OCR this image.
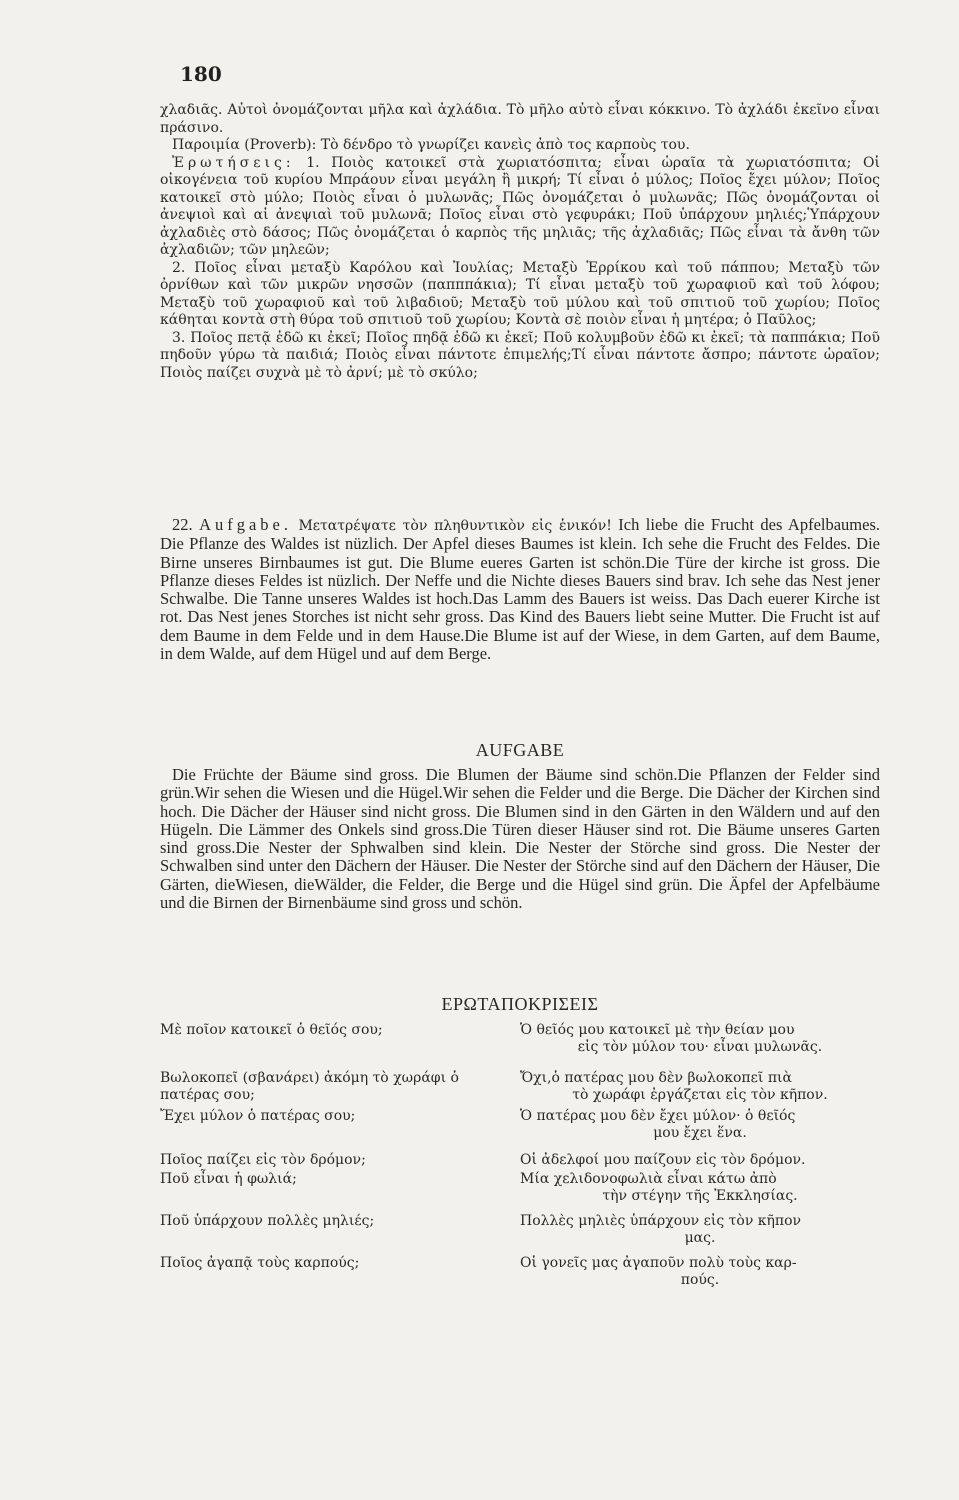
180

χλαδιᾶς. Αὐτοὶ ὀνομάζονται μῆλα καὶ ἀχλάδια. Τὸ μῆλο αὐτὸ εἶναι κόκκινο. Τὸ ἀχλάδι ἐκεῖνο εἶναι πράσινο.

Παροιμία (Proverb): Τὸ δένδρο τὸ γνωρίζει κανεὶς ἀπὸ τος καρποὺς του.

Ἐρωτήσεις: 1. Ποιὸς κατοικεῖ στὰ χωριατόσπιτα; εἶναι ὡραῖα τὰ χωριατόσπιτα; Οἱ οἰκογένεια τοῦ κυρίου Μπράουν εἶναι μεγάλη ἢ μικρή; Τί εἶναι ὁ μύλος; Ποῖος ἔχει μύλον; Ποῖος κατοικεῖ στὸ μύλο; Ποιὸς εἶναι ὁ μυλωνᾶς; Πῶς ὀνομάζεται ὁ μυλωνᾶς; Πῶς ὀνομάζονται οἱ ἀνεψιοὶ καὶ αἱ ἀνεψιαὶ τοῦ μυλωνᾶ; Ποῖος εἶναι στὸ γεφυράκι; Ποῦ ὑπάρχουν μηλιές;Ὑπάρχουν ἀχλαδιὲς στὸ δάσος; Πῶς ὀνομάζεται ὁ καρπὸς τῆς μηλιᾶς; τῆς ἀχλαδιᾶς; Πῶς εἶναι τὰ ἄνθη τῶν ἀχλαδιῶν; τῶν μηλεῶν;

2. Ποῖος εἶναι μεταξὺ Καρόλου καὶ Ἰουλίας; Μεταξὺ Ἑρρίκου καὶ τοῦ πάππου; Μεταξὺ τῶν ὀρνίθων καὶ τῶν μικρῶν νησσῶν (παπππάκια); Τί εἶναι μεταξὺ τοῦ χωραφιοῦ καὶ τοῦ λόφου; Μεταξὺ τοῦ χωραφιοῦ καὶ τοῦ λιβαδιοῦ; Μεταξὺ τοῦ μύλου καὶ τοῦ σπιτιοῦ τοῦ χωρίου; Ποῖος κάθηται κοντὰ στὴ θύρα τοῦ σπιτιοῦ τοῦ χωρίου; Κοντὰ σὲ ποιὸν εἶναι ἡ μητέρα; ὁ Παῦλος;

3. Ποῖος πετᾷ ἐδῶ κι ἐκεῖ; Ποῖος πηδᾷ ἐδῶ κι ἐκεῖ; Ποῦ κολυμβοῦν ἐδῶ κι ἐκεῖ; τὰ παππάκια; Ποῦ πηδοῦν γύρω τὰ παιδιά; Ποιὸς εἶναι πάντοτε ἐπιμελής;Τί εἶναι πάντοτε ἄσπρο; πάντοτε ὡραῖον; Ποιὸς παίζει συχνὰ μὲ τὸ ἀρνί; μὲ τὸ σκύλο;

22. Aufgabe. Μετατρέψατε τὸν πληθυντικὸν εἰς ἑνικόν! Ich liebe die Frucht des Apfelbaumes. Die Pflanze des Waldes ist nüzlich. Der Apfel dieses Baumes ist klein. Ich sehe die Frucht des Feldes. Die Birne unseres Birnbaumes ist gut. Die Blume eueres Garten ist schön.Die Türe der kirche ist gross. Die Pflanze dieses Feldes ist nüzlich. Der Neffe und die Nichte dieses Bauers sind brav. Ich sehe das Nest jener Schwalbe. Die Tanne unseres Waldes ist hoch.Das Lamm des Bauers ist weiss. Das Dach euerer Kirche ist rot. Das Nest jenes Storches ist nicht sehr gross. Das Kind des Bauers liebt seine Mutter. Die Frucht ist auf dem Baume in dem Felde und in dem Hause.Die Blume ist auf der Wiese, in dem Garten, auf dem Baume, in dem Walde, auf dem Hügel und auf dem Berge.

AUFGABE

Die Früchte der Bäume sind gross. Die Blumen der Bäume sind schön.Die Pflanzen der Felder sind grün.Wir sehen die Wiesen und die Hügel.Wir sehen die Felder und die Berge. Die Dächer der Kirchen sind hoch. Die Dächer der Häuser sind nicht gross. Die Blumen sind in den Gärten in den Wäldern und auf den Hügeln. Die Lämmer des Onkels sind gross.Die Türen dieser Häuser sind rot. Die Bäume unseres Garten sind gross.Die Nester der Sphwalben sind klein. Die Nester der Störche sind gross. Die Nester der Schwalben sind unter den Dächern der Häuser. Die Nester der Störche sind auf den Dächern der Häuser, Die Gärten, dieWiesen, dieWälder, die Felder, die Berge und die Hügel sind grün. Die Äpfel der Apfelbäume und die Birnen der Birnenbäume sind gross und schön.

ΕΡΩΤΑΠΟΚΡΙΣΕΙΣ
Μὲ ποῖον κατοικεῖ ὁ θεῖός σου;	Ὁ θεῖός μου κατοικεῖ μὲ τὴν θείαν μου
εἰς τὸν μύλον του· εἶναι μυλωνᾶς.
Βωλοκοπεῖ (σβανάρει) ἀκόμη τὸ χωράφι ὁ πατέρας σου;
Ὄχι,ὁ πατέρας μου δὲν βωλοκοπεῖ πιὰ
τὸ χωράφι ἐργάζεται εἰς τὸν κῆπον.
Ἔχει μύλον ὁ πατέρας σου;	Ὁ πατέρας μου δὲν ἔχει μύλον· ὁ θεῖός
μου ἔχει ἕνα.
Ποῖος παίζει εἰς τὸν δρόμον;	Οἱ ἀδελφοί μου παίζουν εἰς τὸν δρόμον.
Ποῦ εἶναι ἡ φωλιά;	Μία χελιδονοφωλιὰ εἶναι κάτω ἀπὸ
τὴν στέγην τῆς Ἐκκλησίας.
Ποῦ ὑπάρχουν πολλὲς μηλιές;	Πολλὲς μηλιὲς ὑπάρχουν εἰς τὸν κῆπον
μας.
Ποῖος ἀγαπᾷ τοὺς καρπούς;	Οἱ γονεῖς μας ἀγαποῦν πολὺ τοὺς καρ-
πούς.
